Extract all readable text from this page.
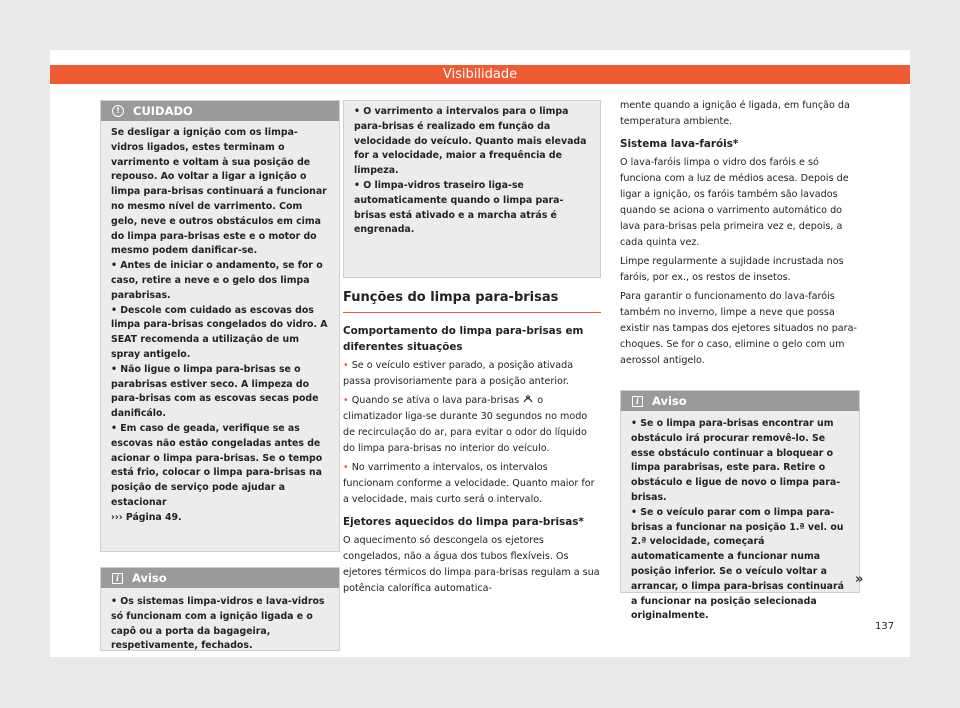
Visibilidade
!	CUIDADO

Se desligar a ignição com os limpa-vidros ligados, estes terminam o varrimento e voltam à sua posição de repouso. Ao voltar a ligar a ignição o limpa para-brisas continuará a funcionar no mesmo nível de varrimento. Com gelo, neve e outros obstáculos em cima do limpa para-brisas este e o motor do mesmo podem danificar-se.

• Antes de iniciar o andamento, se for o caso, retire a neve e o gelo dos limpa parabrisas.

• Descole com cuidado as escovas dos limpa para-brisas congelados do vidro. A SEAT recomenda a utilização de um spray antigelo.

• Não ligue o limpa para-brisas se o parabrisas estiver seco. A limpeza do para-brisas com as escovas secas pode danificálo.

• Em caso de geada, verifique se as escovas não estão congeladas antes de acionar o limpa para-brisas. Se o tempo está frio, colocar o limpa para-brisas na posição de serviço pode ajudar a estacionar

››› Página 49.

i	Aviso

• Os sistemas limpa-vidros e lava-vidros só funcionam com a ignição ligada e o capô ou a porta da bagageira, respetivamente, fechados.

• O varrimento a intervalos para o limpa para-brisas é realizado em função da velocidade do veículo. Quanto mais elevada for a velocidade, maior a frequência de limpeza.

• O limpa-vidros traseiro liga-se automaticamente quando o limpa para-brisas está ativado e a marcha atrás é engrenada.

Funções do limpa para-brisas
Comportamento do limpa para-brisas em diferentes situações

• Se o veículo estiver parado, a posição ativada passa provisoriamente para a posição anterior.

• Quando se ativa o lava para-brisas o climatizador liga-se durante 30 segundos no modo de recirculação do ar, para evitar o odor do líquido do limpa para-brisas no interior do veículo.

• No varrimento a intervalos, os intervalos funcionam conforme a velocidade. Quanto maior for a velocidade, mais curto será o intervalo.

Ejetores aquecidos do limpa para-brisas*

O aquecimento só descongela os ejetores congelados, não a água dos tubos flexíveis. Os ejetores térmicos do limpa para-brisas regulam a sua potência calorífica automatica-

mente quando a ignição é ligada, em função da temperatura ambiente.

Sistema lava-faróis*

O lava-faróis limpa o vidro dos faróis e só funciona com a luz de médios acesa. Depois de ligar a ignição, os faróis também são lavados quando se aciona o varrimento automático do lava para-brisas pela primeira vez e, depois, a cada quinta vez.

Limpe regularmente a sujidade incrustada nos faróis, por ex., os restos de insetos.

Para garantir o funcionamento do lava-faróis também no inverno, limpe a neve que possa existir nas tampas dos ejetores situados no para-choques. Se for o caso, elimine o gelo com um aerossol antigelo.

i	Aviso

• Se o limpa para-brisas encontrar um obstáculo irá procurar removê-lo. Se esse obstáculo continuar a bloquear o limpa parabrisas, este para. Retire o obstáculo e ligue de novo o limpa para-brisas.

• Se o veículo parar com o limpa para-brisas a funcionar na posição 1.ª vel. ou 2.ª velocidade, começará automaticamente a funcionar numa posição inferior. Se o veículo voltar a arrancar, o limpa para-brisas continuará a funcionar na posição selecionada originalmente.

»
137
